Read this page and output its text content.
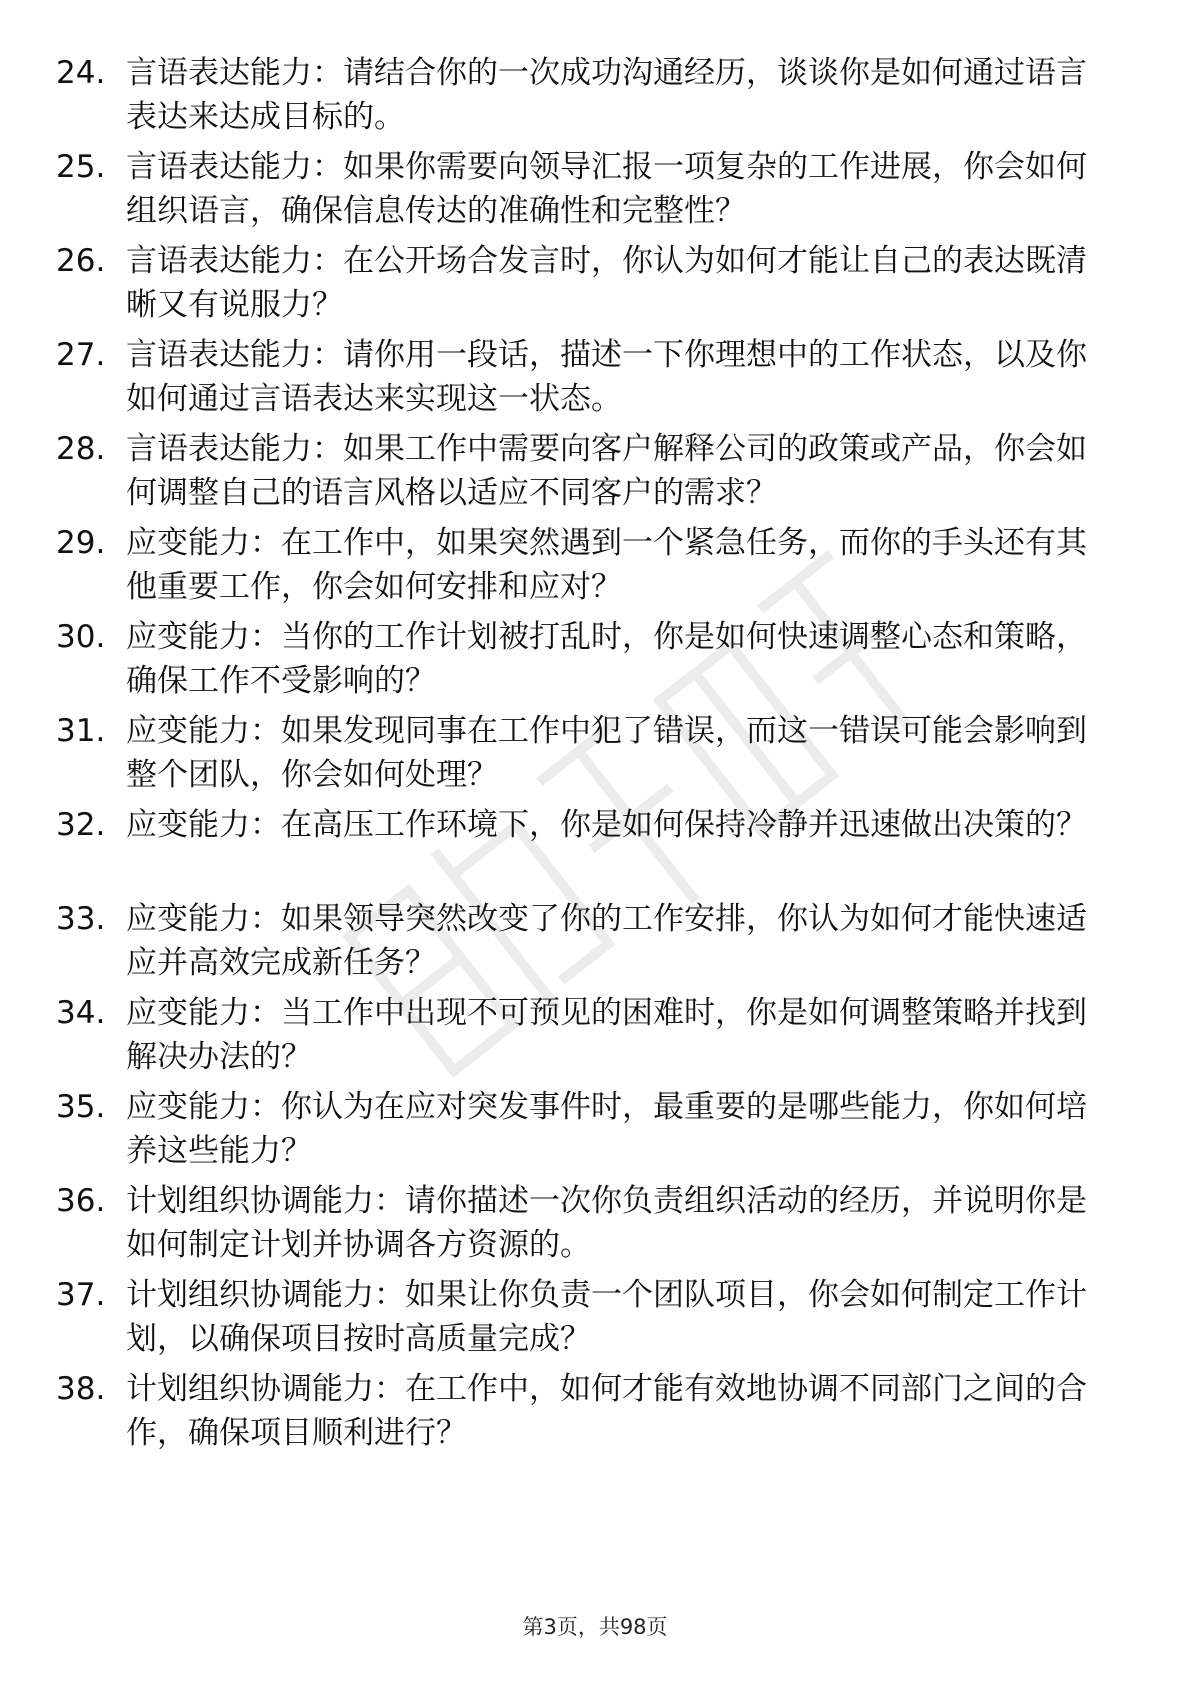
24. 言语表达能力：请结合你的一次成功沟通经历，谈谈你是如何通过语言表达来达成目标的。
25. 言语表达能力：如果你需要向领导汇报一项复杂的工作进展，你会如何组织语言，确保信息传达的准确性和完整性？
26. 言语表达能力：在公开场合发言时，你认为如何才能让自己的表达既清晰又有说服力？
27. 言语表达能力：请你用一段话，描述一下你理想中的工作状态，以及你如何通过言语表达来实现这一状态。
28. 言语表达能力：如果工作中需要向客户解释公司的政策或产品，你会如何调整自己的语言风格以适应不同客户的需求？
29. 应变能力：在工作中，如果突然遇到一个紧急任务，而你的手头还有其他重要工作，你会如何安排和应对？
30. 应变能力：当你的工作计划被打乱时，你是如何快速调整心态和策略，确保工作不受影响的？
31. 应变能力：如果发现同事在工作中犯了错误，而这一错误可能会影响到整个团队，你会如何处理？
32. 应变能力：在高压工作环境下，你是如何保持冷静并迅速做出决策的？
33. 应变能力：如果领导突然改变了你的工作安排，你认为如何才能快速适应并高效完成新任务？
34. 应变能力：当工作中出现不可预见的困难时，你是如何调整策略并找到解决办法的？
35. 应变能力：你认为在应对突发事件时，最重要的是哪些能力，你如何培养这些能力？
36. 计划组织协调能力：请你描述一次你负责组织活动的经历，并说明你是如何制定计划并协调各方资源的。
37. 计划组织协调能力：如果让你负责一个团队项目，你会如何制定工作计划，以确保项目按时高质量完成？
38. 计划组织协调能力：在工作中，如何才能有效地协调不同部门之间的合作，确保项目顺利进行？
第3页，共98页
